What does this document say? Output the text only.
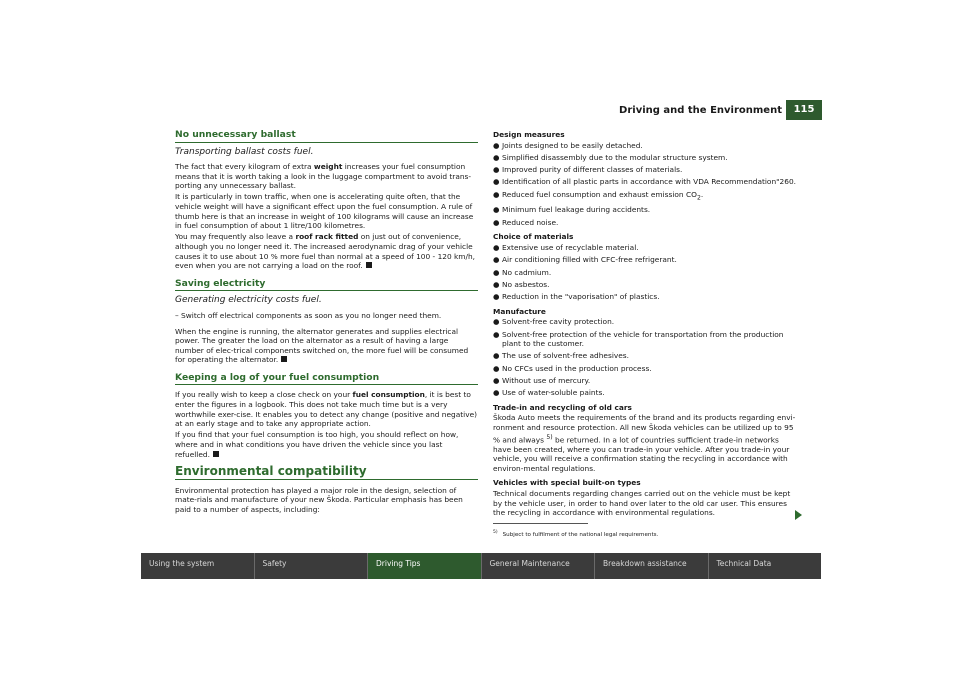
Driving and the Environment	115
No unnecessary ballast
Transporting ballast costs fuel.

The fact that every kilogram of extra weight increases your fuel consumption means that it is worth taking a look in the luggage compartment to avoid trans-porting any unnecessary ballast.

It is particularly in town traffic, when one is accelerating quite often, that the vehicle weight will have a significant effect upon the fuel consumption. A rule of thumb here is that an increase in weight of 100 kilograms will cause an increase in fuel consumption of about 1 litre/100 kilometres.

You may frequently also leave a roof rack fitted on just out of convenience, although you no longer need it. The increased aerodynamic drag of your vehicle causes it to use about 10 % more fuel than normal at a speed of 100 - 120 km/h, even when you are not carrying a load on the roof.

Saving electricity
Generating electricity costs fuel.

– Switch off electrical components as soon as you no longer need them.

When the engine is running, the alternator generates and supplies electrical power. The greater the load on the alternator as a result of having a large number of elec-trical components switched on, the more fuel will be consumed for operating the alternator.

Keeping a log of your fuel consumption

If you really wish to keep a close check on your fuel consumption, it is best to enter the figures in a logbook. This does not take much time but is a very worthwhile exer-cise. It enables you to detect any change (positive and negative) at an early stage and to take any appropriate action.

If you find that your fuel consumption is too high, you should reflect on how, where and in what conditions you have driven the vehicle since you last refuelled.

Environmental compatibility

Environmental protection has played a major role in the design, selection of mate-rials and manufacture of your new Škoda. Particular emphasis has been paid to a number of aspects, including:

Design measures
● Joints designed to be easily detached.
● Simplified disassembly due to the modular structure system.
● Improved purity of different classes of materials.
● Identification of all plastic parts in accordance with VDA Recommendation"260.
● Reduced fuel consumption and exhaust emission $CO_2$.
● Minimum fuel leakage during accidents.
● Reduced noise.
Choice of materials
● Extensive use of recyclable material.
● Air conditioning filled with CFC-free refrigerant.
● No cadmium.
● No asbestos.
● Reduction in the "vaporisation" of plastics.
Manufacture
● Solvent-free cavity protection.
● Solvent-free protection of the vehicle for transportation from the production plant to the customer.
● The use of solvent-free adhesives.
● No CFCs used in the production process.
● Without use of mercury.
● Use of water-soluble paints.
Trade-in and recycling of old cars

Škoda Auto meets the requirements of the brand and its products regarding envi-ronment and resource protection. All new Škoda vehicles can be utilized up to 95 % and always $^{5)}$ be returned. In a lot of countries sufficient trade-in networks have been created, where you can trade-in your vehicle. After you trade-in your vehicle, you will receive a confirmation stating the recycling in accordance with environ-mental regulations.

Vehicles with special built-on types

Technical documents regarding changes carried out on the vehicle must be kept by the vehicle user, in order to hand over later to the old car user. This ensures the recycling in accordance with environmental regulations.

$^{5)}$ Subject to fulfilment of the national legal requirements.
Using the system	Safety	Driving Tips	General Maintenance	Breakdown assistance	Technical Data
